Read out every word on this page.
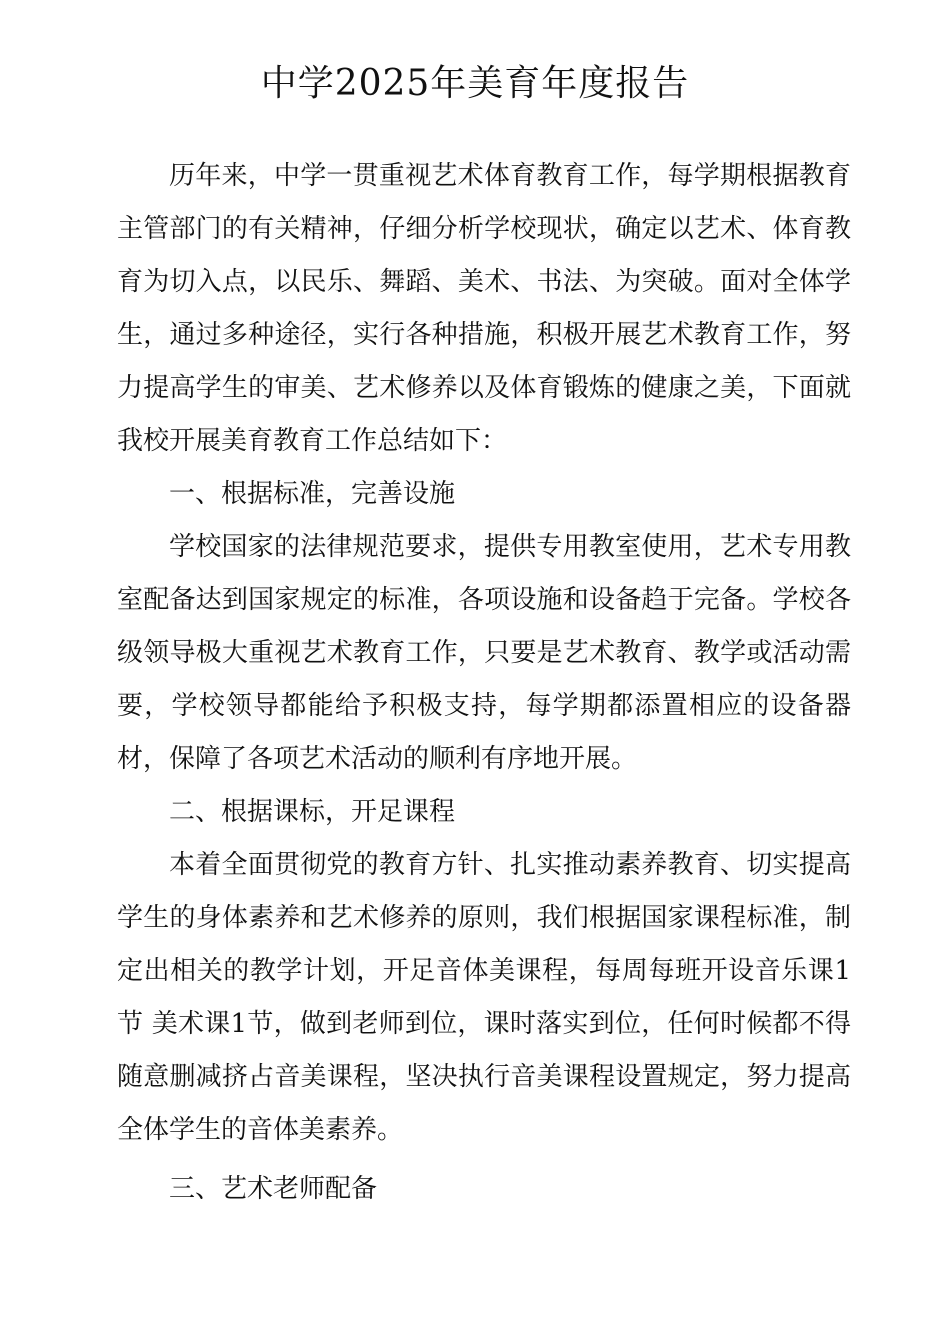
中学2025年美育年度报告

历年来，中学一贯重视艺术体育教育工作，每学期根据教育主管部门的有关精神，仔细分析学校现状，确定以艺术、体育教育为切入点，以民乐、舞蹈、美术、书法、为突破。面对全体学生，通过多种途径，实行各种措施，积极开展艺术教育工作，努力提高学生的审美、艺术修养以及体育锻炼的健康之美，下面就我校开展美育教育工作总结如下：

一、根据标准，完善设施

学校国家的法律规范要求，提供专用教室使用，艺术专用教室配备达到国家规定的标准，各项设施和设备趋于完备。学校各级领导极大重视艺术教育工作，只要是艺术教育、教学或活动需要，学校领导都能给予积极支持，每学期都添置相应的设备器材，保障了各项艺术活动的顺利有序地开展。

二、根据课标，开足课程

本着全面贯彻党的教育方针、扎实推动素养教育、切实提高学生的身体素养和艺术修养的原则，我们根据国家课程标准，制定出相关的教学计划，开足音体美课程，每周每班开设音乐课1节 美术课1节，做到老师到位，课时落实到位，任何时候都不得随意删减挤占音美课程，坚决执行音美课程设置规定，努力提高全体学生的音体美素养。

三、艺术老师配备
